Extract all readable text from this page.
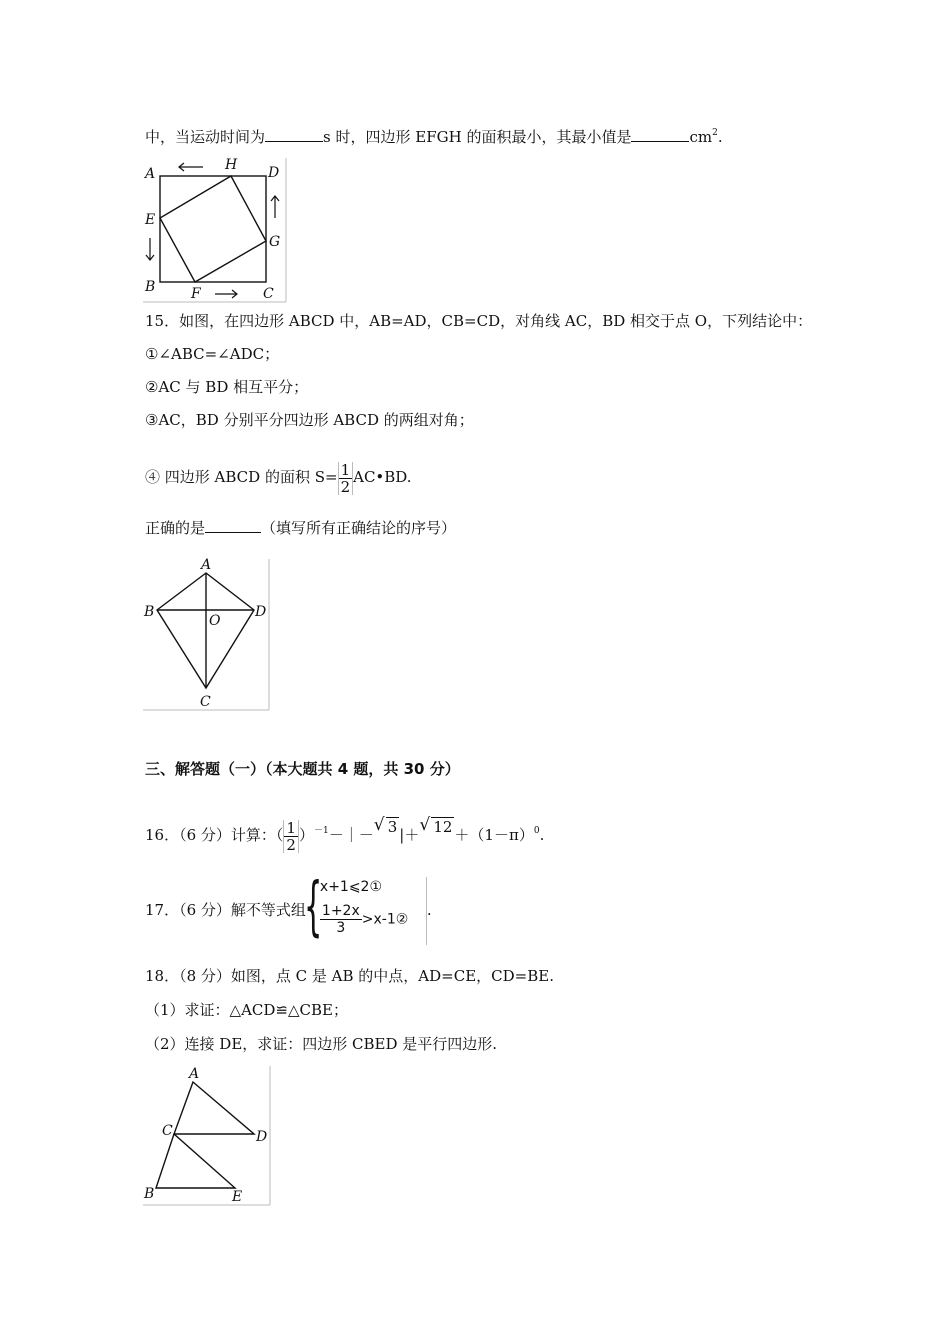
中，当运动时间为	s 时，四边形 EFGH 的面积最小，其最小值是	$cm^2$.
A
H D
E
G
B	F	C
15．如图，在四边形 ABCD 中，AB=AD，CB=CD，对角线 AC，BD 相交于点 O，下列结论中：
①∠ABC=∠ADC；
②AC 与 BD 相互平分；
③AC，BD 分别平分四边形 ABCD 的两组对角；
④ 四边形 ABCD 的面积 $S= \frac{1}{2}$ AC•BD.
正确的是	（填写所有正确结论的序号）
A
B	D
O
C
三、解答题（一）（本大题共 4 题，共 30 分）
16．（6 分）计算：（ $\frac{1}{2}$ ）$^{-1}$－｜－ √ 3 |＋ √ $12 +(1-\pi)^0$.
17．（6 分）解不等式组
{
x+1⩽2①
$\frac{1+2x}{3}$ >x-1②
.
18．（8 分）如图，点 C 是 AB 的中点，AD=CE，CD=BE.
（1）求证：△ACD≌△CBE；
（2）连接 DE，求证：四边形 CBED 是平行四边形.
A
C	D
B	E
